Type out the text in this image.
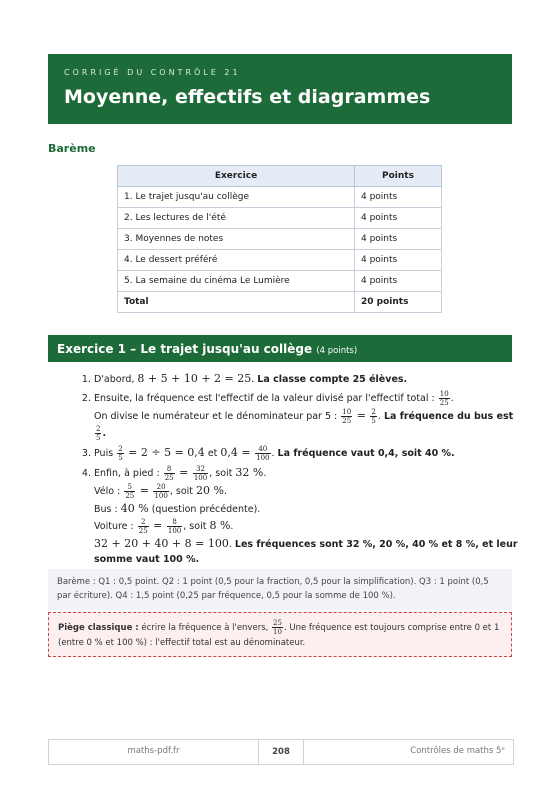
CORRIGÉ DU CONTRÔLE 21
Moyenne, effectifs et diagrammes
Barème
Exercice	Points
1. Le trajet jusqu'au collège	4 points
2. Les lectures de l'été	4 points
3. Moyennes de notes	4 points
4. Le dessert préféré	4 points
5. La semaine du cinéma Le Lumière	4 points
Total	20 points
Exercice 1 – Le trajet jusqu'au collège (4 points)
1. D'abord, 8 + 5 + 10 + 2 = 25. La classe compte 25 élèves.
2. Ensuite, la fréquence est l'effectif de la valeur divisé par l'effectif total : $\frac{10}{25}$ .
On divise le numérateur et le dénominateur par 5 : $\frac{10}{25} = \frac{2}{5}$ . La fréquence du bus est
$\frac{2}{5}$ .
3. Puis $\frac{2}{5} = 2 \div 5 = 0,4$ et $0,4 = \frac{40}{100}$ . La fréquence vaut 0,4, soit 40 %.
4. Enfin, à pied : $\frac{8}{25} = \frac{32}{100}$ , soit 32 %.
Vélo : $\frac{5}{25} = \frac{20}{100}$ , soit 20 %.
Bus : 40 % (question précédente).
Voiture : $\frac{2}{25} = \frac{8}{100}$ , soit 8 %.
32 + 20 + 40 + 8 = 100. Les fréquences sont 32 %, 20 %, 40 % et 8 %, et leur somme vaut 100 %.
Barème : Q1 : 0,5 point. Q2 : 1 point (0,5 pour la fraction, 0,5 pour la simplification). Q3 : 1 point (0,5 par écriture). Q4 : 1,5 point (0,25 par fréquence, 0,5 pour la somme de 100 %).
Piège classique : écrire la fréquence à l'envers, $\frac{25}{10}$ . Une fréquence est toujours comprise entre 0 et 1 (entre 0 % et 100 %) : l'effectif total est au dénominateur.
maths-pdf.fr	208	Contrôles de maths 5ᵉ
